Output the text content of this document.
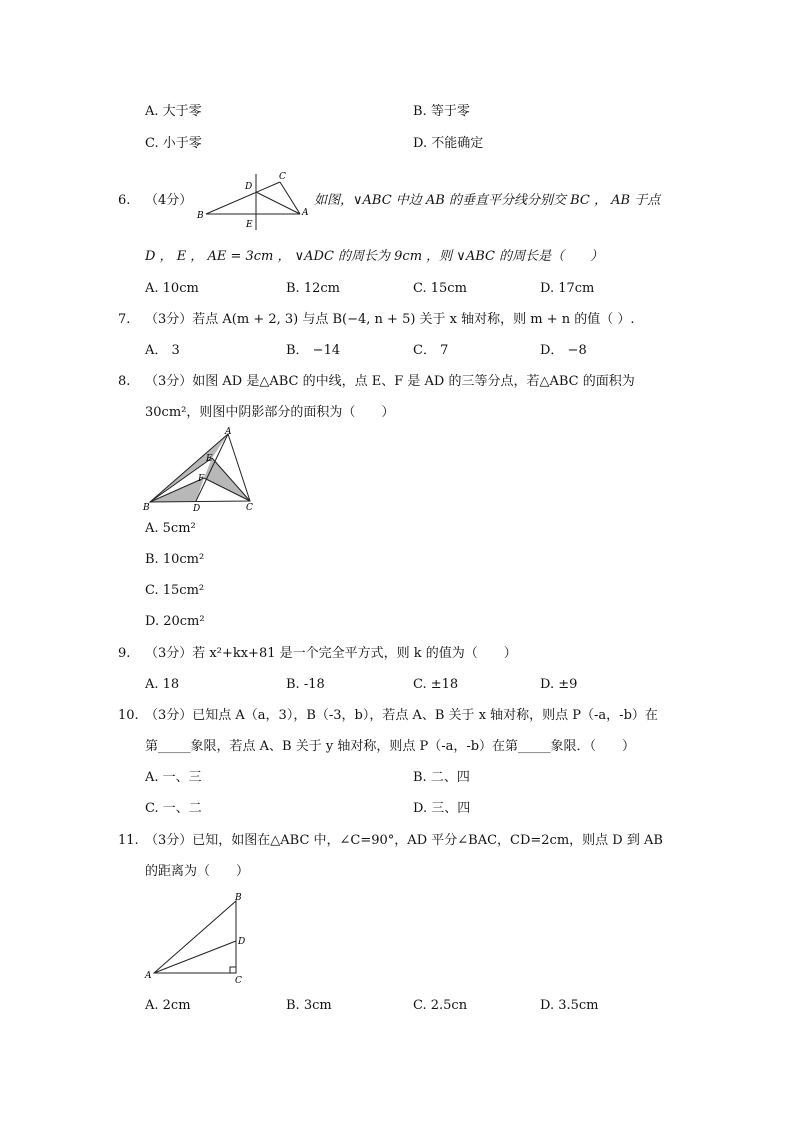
A. 大于零	B. 等于零
C. 小于零	D. 不能确定
6. （4分）
B	A
C
D
E
如图，∨ABC 中边 AB 的垂直平分线分别交 BC ， AB 于点
D ， E ， AE = 3cm ， ∨ADC 的周长为 9cm ，则 ∨ABC 的周长是（　　）
A. 10cm	B. 12cm	C. 15cm	D. 17cm
7. （3分）若点 A(m + 2, 3) 与点 B(−4, n + 5) 关于 x 轴对称，则 m + n 的值（ ）.
A． 3	B． −14	C． 7	D． −8
8. （3分）如图 AD 是△ABC 的中线，点 E、F 是 AD 的三等分点，若△ABC 的面积为
30cm²，则图中阴影部分的面积为（　　）
A
E
F
B	D	C
A. 5cm²
B. 10cm²
C. 15cm²
D. 20cm²
9. （3分）若 x²+kx+81 是一个完全平方式，则 k 的值为（　　）
A. 18	B. -18	C. ±18	D. ±9
10. （3分）已知点 A（a，3），B（-3，b），若点 A、B 关于 x 轴对称，则点 P（-a，-b）在
第_____象限，若点 A、B 关于 y 轴对称，则点 P（-a，-b）在第_____象限．（　　）
A. 一、三	B. 二、四
C. 一、二	D. 三、四
11. （3分）已知，如图在△ABC 中，∠C=90°，AD 平分∠BAC，CD=2cm，则点 D 到 AB
的距离为（　　）
B
D
A	C
A. 2cm	B. 3cm	C. 2.5cn	D. 3.5cm
